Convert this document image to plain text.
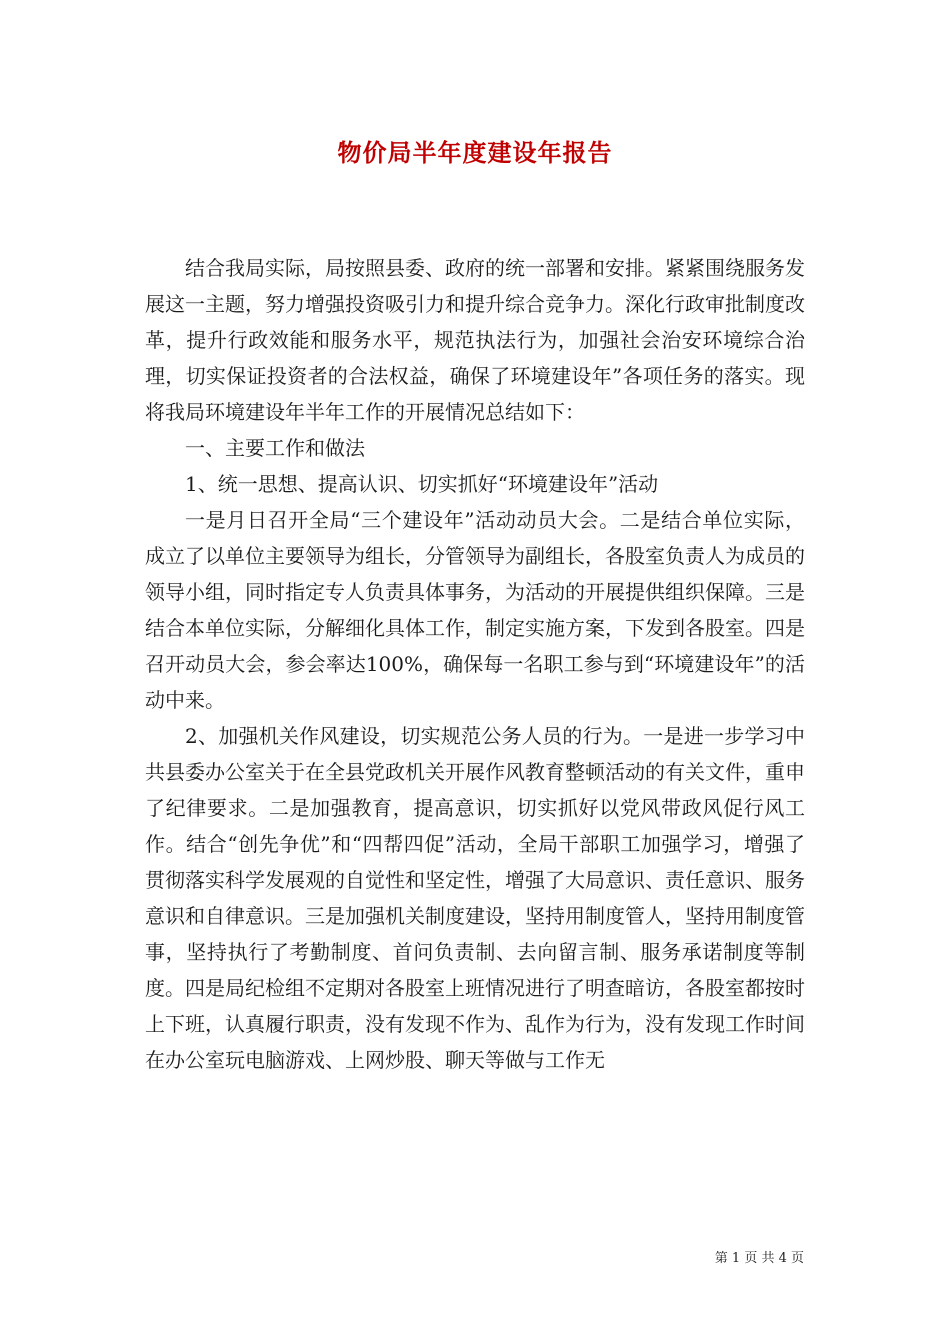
物价局半年度建设年报告

结合我局实际，局按照县委、政府的统一部署和安排。紧紧围绕服务发展这一主题，努力增强投资吸引力和提升综合竞争力。深化行政审批制度改革，提升行政效能和服务水平，规范执法行为，加强社会治安环境综合治理，切实保证投资者的合法权益，确保了环境建设年”各项任务的落实。现将我局环境建设年半年工作的开展情况总结如下：

一、主要工作和做法

1、统一思想、提高认识、切实抓好“环境建设年”活动

一是月日召开全局“三个建设年”活动动员大会。二是结合单位实际，成立了以单位主要领导为组长，分管领导为副组长，各股室负责人为成员的领导小组，同时指定专人负责具体事务，为活动的开展提供组织保障。三是结合本单位实际，分解细化具体工作，制定实施方案，下发到各股室。四是召开动员大会，参会率达100%，确保每一名职工参与到“环境建设年”的活动中来。

2、加强机关作风建设，切实规范公务人员的行为。一是进一步学习中共县委办公室关于在全县党政机关开展作风教育整顿活动的有关文件，重申了纪律要求。二是加强教育，提高意识，切实抓好以党风带政风促行风工作。结合“创先争优”和“四帮四促”活动，全局干部职工加强学习，增强了贯彻落实科学发展观的自觉性和坚定性，增强了大局意识、责任意识、服务意识和自律意识。三是加强机关制度建设，坚持用制度管人，坚持用制度管事，坚持执行了考勤制度、首问负责制、去向留言制、服务承诺制度等制度。四是局纪检组不定期对各股室上班情况进行了明查暗访，各股室都按时上下班，认真履行职责，没有发现不作为、乱作为行为，没有发现工作时间在办公室玩电脑游戏、上网炒股、聊天等做与工作无

第 1 页 共 4 页
